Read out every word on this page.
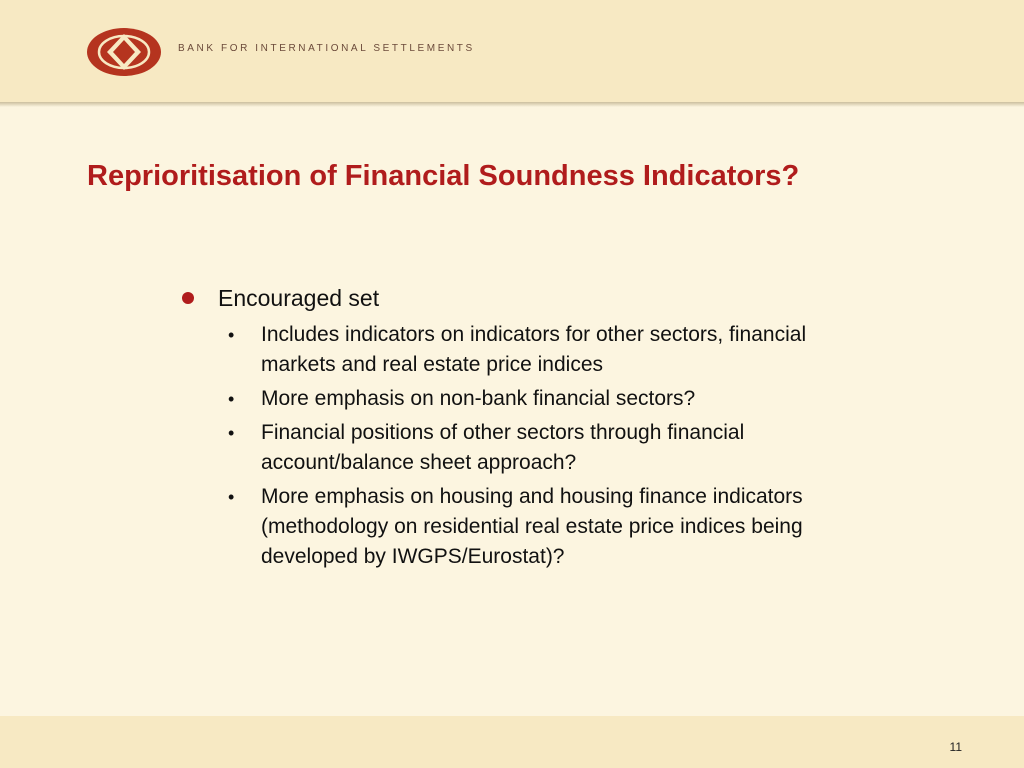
BANK FOR INTERNATIONAL SETTLEMENTS
Reprioritisation of Financial Soundness Indicators?
Encouraged set
• Includes indicators on indicators for other sectors, financial markets and real estate price indices
• More emphasis on non-bank financial sectors?
• Financial positions of other sectors through financial account/balance sheet approach?
• More emphasis on housing and housing finance indicators (methodology on residential real estate price indices being developed by IWGPS/Eurostat)?
11
